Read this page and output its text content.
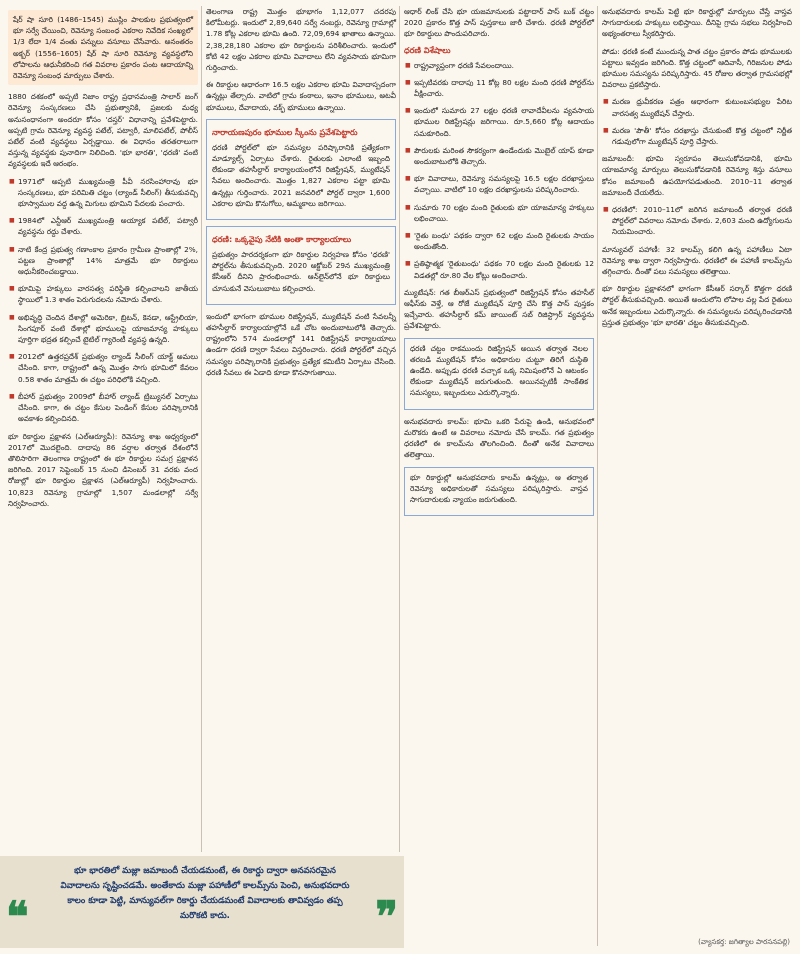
షేర్ షా సూరి (1486–1545) ముస్లిం పాలకుల ప్రభుత్వంలో భూ సర్వే చేయించి, రెవెన్యూ సంబంధ ఎకరాల నివేదిక సంఖ్యలో 1/3 లేదా 1/4 వంతు పన్నులు వసూలు చేసేవారు. అనంతరం అక్బర్ (1556–1605) షేర్ షా సూరి రెవెన్యూ వ్యవస్థలోని లోపాలను ఆధునీకరించి గత వివరాల ప్రకారం పంట ఆదాయాన్ని రెవెన్యూ సంబంధ మార్పులు చేశారు.

1880 దశకంలో అప్పటి నిజాం రాష్ట్ర ప్రధానమంత్రి సాలార్ జంగ్ రెవెన్యూ సంస్కరణలు చేసి ప్రభుత్వానికి, ప్రజలకు మధ్య అనుసంధానంగా అందరూ కోసం 'దస్తర్' విధానాన్ని ప్రవేశపెట్టారు. అప్పటి గ్రామ రెవెన్యూ వ్యవస్థ పటేల్, పట్వారీ, మాలిపటేల్, పోలీస్ పటేల్ వంటి వ్యవస్థలు ఏర్పడ్డాయి. ఈ విధానం తరతరాలుగా వస్తున్న వ్యవస్థకు పునాదిగా నిలిచింది. 'భూ భారతి', 'ధరణి' వంటి వ్యవస్థలకు ఇదే ఆరంభం.

■ 1971లో అప్పటి ముఖ్యమంత్రి పీవీ నరసింహారావు భూ సంస్కరణలు, భూ పరిమితి చట్టం (ల్యాండ్ సీలింగ్) తీసుకువచ్చి భూస్వాముల వద్ద ఉన్న మిగులు భూమిని పేదలకు పంచారు.
■ 1984లో ఎన్టీఆర్ ముఖ్యమంత్రి అయ్యాక పటేల్, పట్వారీ వ్యవస్థను రద్దు చేశారు.
■ నాటి కేంద్ర ప్రభుత్వ గణాంకాల ప్రకారం గ్రామీణ ప్రాంతాల్లో 2%, పట్టణ ప్రాంతాల్లో 14% మాత్రమే భూ రికార్డులు ఆధునీకరించబడ్డాయి.
■ భూమిపై హక్కులు వారసత్వ పరిస్థితి కల్పించాలని జాతీయ స్థాయిలో 1.3 శాతం పెరుగుదలను నమోదు చేశారు.
■ అభివృద్ధి చెందిన దేశాల్లో అమెరికా, బ్రిటన్, కెనడా, ఆస్ట్రేలియా, సింగపూర్ వంటి దేశాల్లో భూములపై యాజమాన్య హక్కులు పూర్తిగా భద్రత కల్పించే టైటిల్ గ్యారెంటీ వ్యవస్థ ఉన్నది.
■ 2012లో ఉత్తరప్రదేశ్ ప్రభుత్వం ల్యాండ్ సీలింగ్ యాక్ట్ అమలు చేసింది. కాగా, రాష్ట్రంలో ఉన్న మొత్తం సాగు భూమిలో కేవలం 0.58 శాతం మాత్రమే ఈ చట్టం పరిధిలోకి వచ్చింది.
■ బీహార్ ప్రభుత్వం 2009లో బీహార్ ల్యాండ్ ట్రిబ్యునల్ ఏర్పాటు చేసింది. కాగా, ఈ చట్టం కేసుల పెండింగ్ కేసుల పరిష్కారానికి అవకాశం కల్పించినది.

భూ రికార్డుల ప్రక్షాళన (ఎల్ఆర్యూపీ): రెవెన్యూ శాఖ ఆధ్వర్యంలో 2017లో మొదలైంది. దాదాపు 86 వర్షాల తర్వాత దేశంలోనే తొలిసారిగా తెలంగాణ రాష్ట్రంలో ఈ భూ రికార్డుల సమగ్ర ప్రక్షాళన జరిగింది. 2017 సెప్టెంబర్ 15 నుంచి డిసెంబర్ 31 వరకు వంద రోజుల్లో భూ రికార్డుల ప్రక్షాళన (ఎల్ఆర్యూపీ) నిర్వహించారు. 10,823 రెవెన్యూ గ్రామాల్లో 1,507 మండలాల్లో సర్వే నిర్వహించారు.

తెలంగాణ రాష్ట్ర మొత్తం భూభాగం 1,12,077 చదరపు కిలోమీటర్లు. ఇందులో 2,89,640 సర్వే నంబర్లు, రెవెన్యూ గ్రామాల్లో 1.78 కోట్ల ఎకరాల భూమి ఉంది. 72,09,694 ఖాతాలు ఉన్నాయి. 2,38,28,180 ఎకరాల భూ రికార్డులను పరిశీలించారు. ఇందులో కోటి 42 లక్షల ఎకరాల భూమి వివాదాలు లేని వ్యవసాయ భూమిగా గుర్తించారు.

ఈ రికార్డుల ఆధారంగా 16.5 లక్షల ఎకరాల భూమి వివాదాస్పదంగా ఉన్నట్లు తేల్చారు. వాటిలో గ్రామ కంఠాలు, ఇనాం భూములు, అటవీ భూములు, దేవాదాయ, వక్ఫ్ భూములు ఉన్నాయి.

నారాయణపురం భూముల స్కీంను ప్రవేశపెట్టారు

ధరణి పోర్టల్‌లో భూ సమస్యల పరిష్కారానికి ప్రత్యేకంగా మాడ్యూల్స్ ఏర్పాటు చేశారు. రైతులకు ఎలాంటి ఇబ్బంది లేకుండా తహసీల్దార్ కార్యాలయంలోనే రిజిస్ట్రేషన్, మ్యుటేషన్ సేవలు అందించారు. మొత్తం 1,827 ఎకరాల పట్టా భూమి ఉన్నట్లు గుర్తించారు. 2021 జనవరిలో పోర్టల్ ద్వారా 1,600 ఎకరాల భూమి కొనుగోలు, అమ్మకాలు జరిగాయి.

ధరణి: ఒక్కవైపు నేటికి అంతా కార్యాలయాలు

ప్రభుత్వం పారదర్శకంగా భూ రికార్డుల నిర్వహణ కోసం 'ధరణి' పోర్టల్‌ను తీసుకువచ్చింది. 2020 అక్టోబర్ 29న ముఖ్యమంత్రి కేసీఆర్ దీనిని ప్రారంభించారు. ఆన్‌లైన్‌లోనే భూ రికార్డులు చూసుకునే వెసులుబాటు కల్పించారు.

ఇందులో భాగంగా భూముల రిజిస్ట్రేషన్, మ్యుటేషన్ వంటి సేవలన్నీ తహసీల్దార్ కార్యాలయాల్లోనే ఒకే చోట అందుబాటులోకి తెచ్చారు. రాష్ట్రంలోని 574 మండలాల్లో 141 రిజిస్ట్రేషన్ కార్యాలయాలు ఉండగా ధరణి ద్వారా సేవలు విస్తరించారు. ధరణి పోర్టల్‌లో వచ్చిన సమస్యల పరిష్కారానికి ప్రభుత్వం ప్రత్యేక కమిటీని ఏర్పాటు చేసింది. ధరణి సేవలు ఈ ఏడాది కూడా కొనసాగుతాయి.

ఆధార్ లింక్ చేసి భూ యజమానులకు పట్టాదార్ పాస్‌ బుక్ చట్టం 2020 ప్రకారం కొత్త పాస్ పుస్తకాలు జారీ చేశారు. ధరణి పోర్టల్‌లో భూ రికార్డులు పొందుపరిచారు.

ధరణి విశేషాలు
■ రాష్ట్రవ్యాప్తంగా ధరణి సేవలందాయి.
■ ఇప్పటివరకు దాదాపు 11 కోట్ల 80 లక్షల మంది ధరణి పోర్టల్‌ను వీక్షించారు.
■ ఇందులో సుమారు 27 లక్షల ధరణి లావాదేవీలను వ్యవసాయ భూముల రిజిస్ట్రేషన్లు జరిగాయి. రూ.5,660 కోట్ల ఆదాయం సమకూరింది.
■ పౌరులకు మరింత సౌకర్యంగా ఉండేందుకు మొబైల్ యాప్ కూడా అందుబాటులోకి తెచ్చారు.
■ భూ వివాదాలు, రెవెన్యూ సమస్యలపై 16.5 లక్షల దరఖాస్తులు వచ్చాయి. వాటిలో 10 లక్షల దరఖాస్తులను పరిష్కరించారు.
■ సుమారు 70 లక్షల మంది రైతులకు భూ యాజమాన్య హక్కులు లభించాయి.
■ 'రైతు బంధు' పథకం ద్వారా 62 లక్షల మంది రైతులకు సాయం అందుతోంది.
■ ప్రతిష్ఠాత్మక 'రైతుబంధు' పథకం 70 లక్షల మంది రైతులకు 12 విడతల్లో రూ.80 వేల కోట్లు అందించారు.

మ్యుటేషన్: గత బీఆర్ఎస్ ప్రభుత్వంలో రిజిస్ట్రేషన్ కోసం తహసీల్ ఆఫీస్‌కు వెళ్తే, ఆ రోజే మ్యుటేషన్ పూర్తి చేసి కొత్త పాస్ పుస్తకం ఇచ్చేవారు. తహసీల్దార్ కమ్ జాయింట్ సబ్ రిజిస్ట్రార్ వ్యవస్థను ప్రవేశపెట్టారు.

ధరణి చట్టం రాకముందు రిజిస్ట్రేషన్ అయిన తర్వాత నెలల తరబడి మ్యుటేషన్ కోసం అధికారుల చుట్టూ తిరిగే దుస్థితి ఉండేది. అప్పుడు ధరణి వచ్చాక ఒక్క నిమిషంలోనే ఏ ఆటంకం లేకుండా మ్యుటేషన్ జరుగుతుంది. అయినప్పటికీ సాంకేతిక సమస్యలు, ఇబ్బందులు ఎదుర్కొన్నారు.

అనుభవదారు కాలమ్: భూమి ఒకరి పేరుపై ఉండి, అనుభవంలో మరొకరు ఉంటే ఆ వివరాలు నమోదు చేసే కాలమ్. గత ప్రభుత్వం ధరణిలో ఈ కాలమ్‌ను తొలగించింది. దీంతో అనేక వివాదాలు తలెత్తాయి.

భూ రికార్డుల్లో అనుభవదారు కాలమ్ ఉన్నట్లు, ఆ తర్వాత రెవెన్యూ అధికారులతో సమస్యలు పరిష్కరిస్తారు. వాస్తవ సాగుదారులకు న్యాయం జరుగుతుంది.

అనుభవదారు కాలమ్ పెట్టి భూ రికార్డుల్లో మార్పులు చేస్తే వాస్తవ సాగుదారులకు హక్కులు లభిస్తాయి. దీనిపై గ్రామ సభలు నిర్వహించి అభ్యంతరాలు స్వీకరిస్తారు.

పోడు: ధరణి కంటే ముందున్న పాత చట్టం ప్రకారం పోడు భూములకు పట్టాలు ఇవ్వడం జరిగింది. కొత్త చట్టంలో ఆదివాసీ, గిరిజనుల పోడు భూముల సమస్యను పరిష్కరిస్తారు. 45 రోజుల తర్వాత గ్రామసభల్లో వివరాలు ప్రకటిస్తారు.

■ మరణ ధ్రువీకరణ పత్రం ఆధారంగా కుటుంబసభ్యుల పేరిట వారసత్వ మ్యుటేషన్ చేస్తారు.
■ మరణ 'పౌతీ' కోసం దరఖాస్తు చేసుకుంటే కొత్త చట్టంలో నిర్ణీత గడువులోగా మ్యుటేషన్ పూర్తి చేస్తారు.

జమాబందీ: భూమి స్వరూపం తెలుసుకోవడానికి, భూమి యాజమాన్య మార్పులు తెలుసుకోవడానికి రెవెన్యూ శిస్తు వసూలు కోసం జమాబందీ ఉపయోగపడుతుంది. 2010–11 తర్వాత జమాబందీ చేయలేదు.

■ ధరణిలో: 2010–11లో జరిగిన జమాబందీ తర్వాత ధరణి పోర్టల్‌లో వివరాలు నమోదు చేశారు. 2,603 మంది ఉద్యోగులను నియమించారు.

మాన్యువల్ పహాణీ: 32 కాలమ్స్ కలిగి ఉన్న పహాణీలు ఏటా రెవెన్యూ శాఖ ద్వారా నిర్వహిస్తారు. ధరణిలో ఈ పహాణీ కాలమ్స్‌ను తగ్గించారు. దీంతో పలు సమస్యలు తలెత్తాయి.

భూ రికార్డుల ప్రక్షాళనలో భాగంగా కేసీఆర్ సర్కార్ కొత్తగా ధరణి పోర్టల్ తీసుకువచ్చింది. అయితే అందులోని లోపాల వల్ల పేద రైతులు అనేక ఇబ్బందులు ఎదుర్కొన్నారు. ఈ సమస్యలను పరిష్కరించడానికి ప్రస్తుత ప్రభుత్వం 'భూ భారతి' చట్టం తీసుకువచ్చింది.

❝
భూ భారతిలో మజ్లా జమాబందీ చేయడమంటే, ఈ రికార్డు ద్వారా అనవసరమైన వివాదాలను సృష్టించడమే. అంతేకాదు మజ్లా పహాణీలో కాలమ్స్‌ను పెంచి, అనుభవదారు కాలం కూడా పెట్టి, మాన్యువల్‌గా రికార్డు చేయడమంటే వివాదాలకు తావివ్వడం తప్ప మరొకటి కాదు.	❞
(వ్యాసకర్త: జగిత్యాల పారసనపల్లి)
